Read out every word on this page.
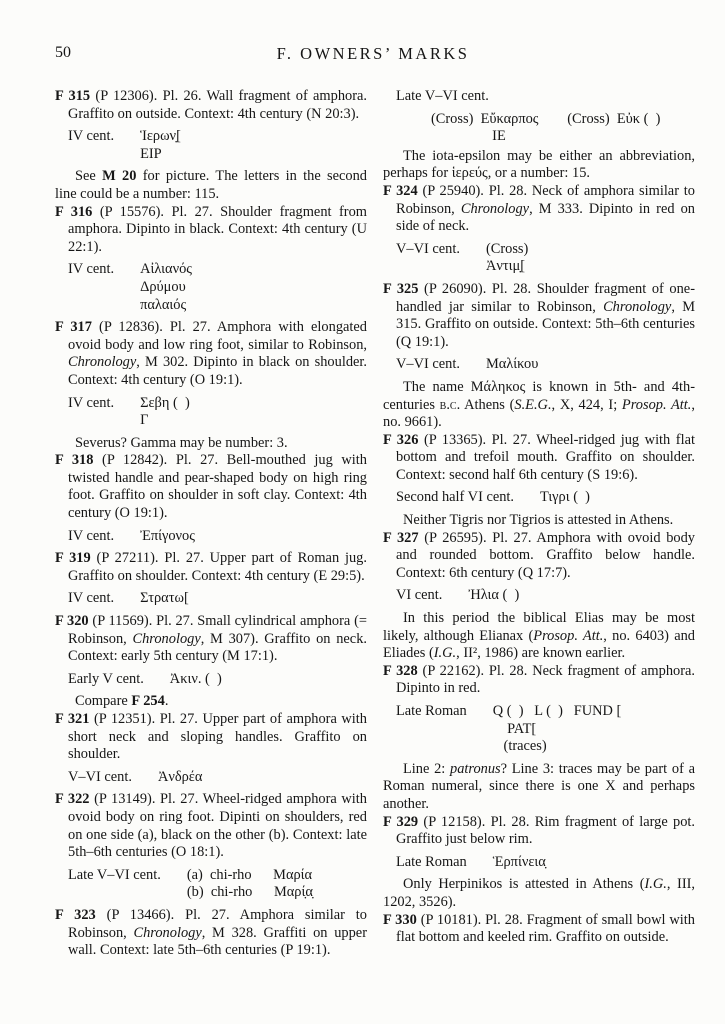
50	F. OWNERS’ MARKS

F 315 (P 12306). Pl. 26. Wall fragment of amphora. Graffito on outside. Context: 4th century (N 20:3).

IV cent. Ἱερων̣[
ΕΙΡ

See M 20 for picture. The letters in the second line could be a number: 115.

F 316 (P 15576). Pl. 27. Shoulder fragment from amphora. Dipinto in black. Context: 4th century (U 22:1).

IV cent. Αἰλιανός
Δρύμου
παλαιός

F 317 (P 12836). Pl. 27. Amphora with elongated ovoid body and low ring foot, similar to Robinson, Chronology, M 302. Dipinto in black on shoulder. Context: 4th century (O 19:1).

IV cent. Σεβη (  )
Γ

Severus? Gamma may be number: 3.

F 318 (P 12842). Pl. 27. Bell-mouthed jug with twisted handle and pear-shaped body on high ring foot. Graffito on shoulder in soft clay. Context: 4th century (O 19:1).

IV cent. Ἐπίγονος

F 319 (P 27211). Pl. 27. Upper part of Roman jug. Graffito on shoulder. Context: 4th century (E 29:5).

IV cent. Στρατω[

F 320 (P 11569). Pl. 27. Small cylindrical amphora (= Robinson, Chronology, M 307). Graffito on neck. Context: early 5th century (M 17:1).

Early V cent. Ἀκιν. (  )

Compare F 254.

F 321 (P 12351). Pl. 27. Upper part of amphora with short neck and sloping handles. Graffito on shoulder.

V–VI cent. Ἀνδρέα

F 322 (P 13149). Pl. 27. Wheel-ridged amphora with ovoid body on ring foot. Dipinti on shoulders, red on one side (a), black on the other (b). Context: late 5th–6th centuries (O 18:1).

Late V–VI cent. (a)  chi-rho      Μαρία
(b)  chi-rho      Μαρί̣α̣

F 323 (P 13466). Pl. 27. Amphora similar to Robinson, Chronology, M 328. Graffiti on upper wall. Context: late 5th–6th centuries (P 19:1).

Late V–VI cent.
(Cross)  Εὔκαρπος        (Cross)  Εὐκ (  )
ΙΕ

The iota-epsilon may be either an abbreviation, perhaps for ἱερεύς, or a number: 15.

F 324 (P 25940). Pl. 28. Neck of amphora similar to Robinson, Chronology, M 333. Dipinto in red on side of neck.

V–VI cent. (Cross)
Ἀντιμ̣[

F 325 (P 26090). Pl. 28. Shoulder fragment of one-handled jar similar to Robinson, Chronology, M 315. Graffito on outside. Context: 5th–6th centuries (Q 19:1).

V–VI cent. Μαλίκου

The name Μάληκος is known in 5th- and 4th-centuries b.c. Athens (S.E.G., X, 424, I; Prosop. Att., no. 9661).

F 326 (P 13365). Pl. 27. Wheel-ridged jug with flat bottom and trefoil mouth. Graffito on shoulder. Context: second half 6th century (S 19:6).

Second half VI cent. Τιγρι (  )

Neither Tigris nor Tigrios is attested in Athens.

F 327 (P 26595). Pl. 27. Amphora with ovoid body and rounded bottom. Graffito below handle. Context: 6th century (Q 17:7).

VI cent. Ἠλια (  )

In this period the biblical Elias may be most likely, although Elianax (Prosop. Att., no. 6403) and Eliades (I.G., II², 1986) are known earlier.

F 328 (P 22162). Pl. 28. Neck fragment of amphora. Dipinto in red.

Late Roman Q (  )   L (  )   FUND [
PAT[
(traces)

Line 2: patronus? Line 3: traces may be part of a Roman numeral, since there is one X and perhaps another.

F 329 (P 12158). Pl. 28. Rim fragment of large pot. Graffito just below rim.

Late Roman Ἑρπίνεια̣

Only Herpinikos is attested in Athens (I.G., III, 1202, 3526).

F 330 (P 10181). Pl. 28. Fragment of small bowl with flat bottom and keeled rim. Graffito on outside.
